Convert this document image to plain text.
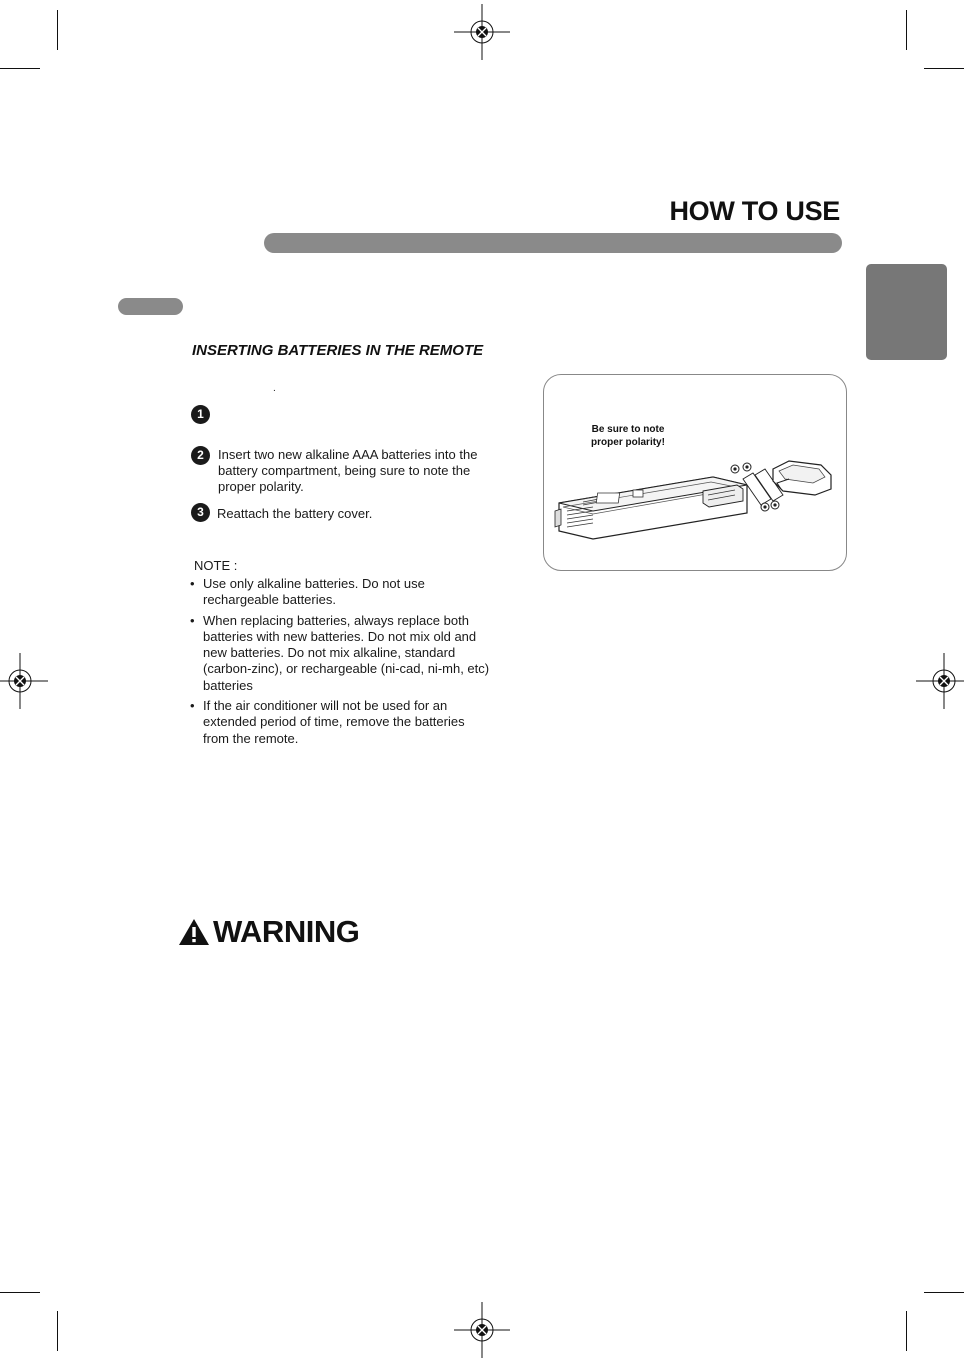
HOW TO USE
INSERTING BATTERIES IN THE REMOTE
.
1
2	Insert two new alkaline AAA batteries into the battery compartment, being sure to note the proper polarity.
3	Reattach the battery cover.
NOTE :
• Use only alkaline batteries. Do not use rechargeable batteries.
• When replacing batteries, always replace both batteries with new batteries. Do not mix old and new batteries. Do not mix alkaline, standard (carbon-zinc), or rechargeable (ni-cad, ni-mh, etc) batteries
• If the air conditioner will not be used for an extended period of time, remove the batteries from the remote.
Be sure to note proper polarity!
WARNING
